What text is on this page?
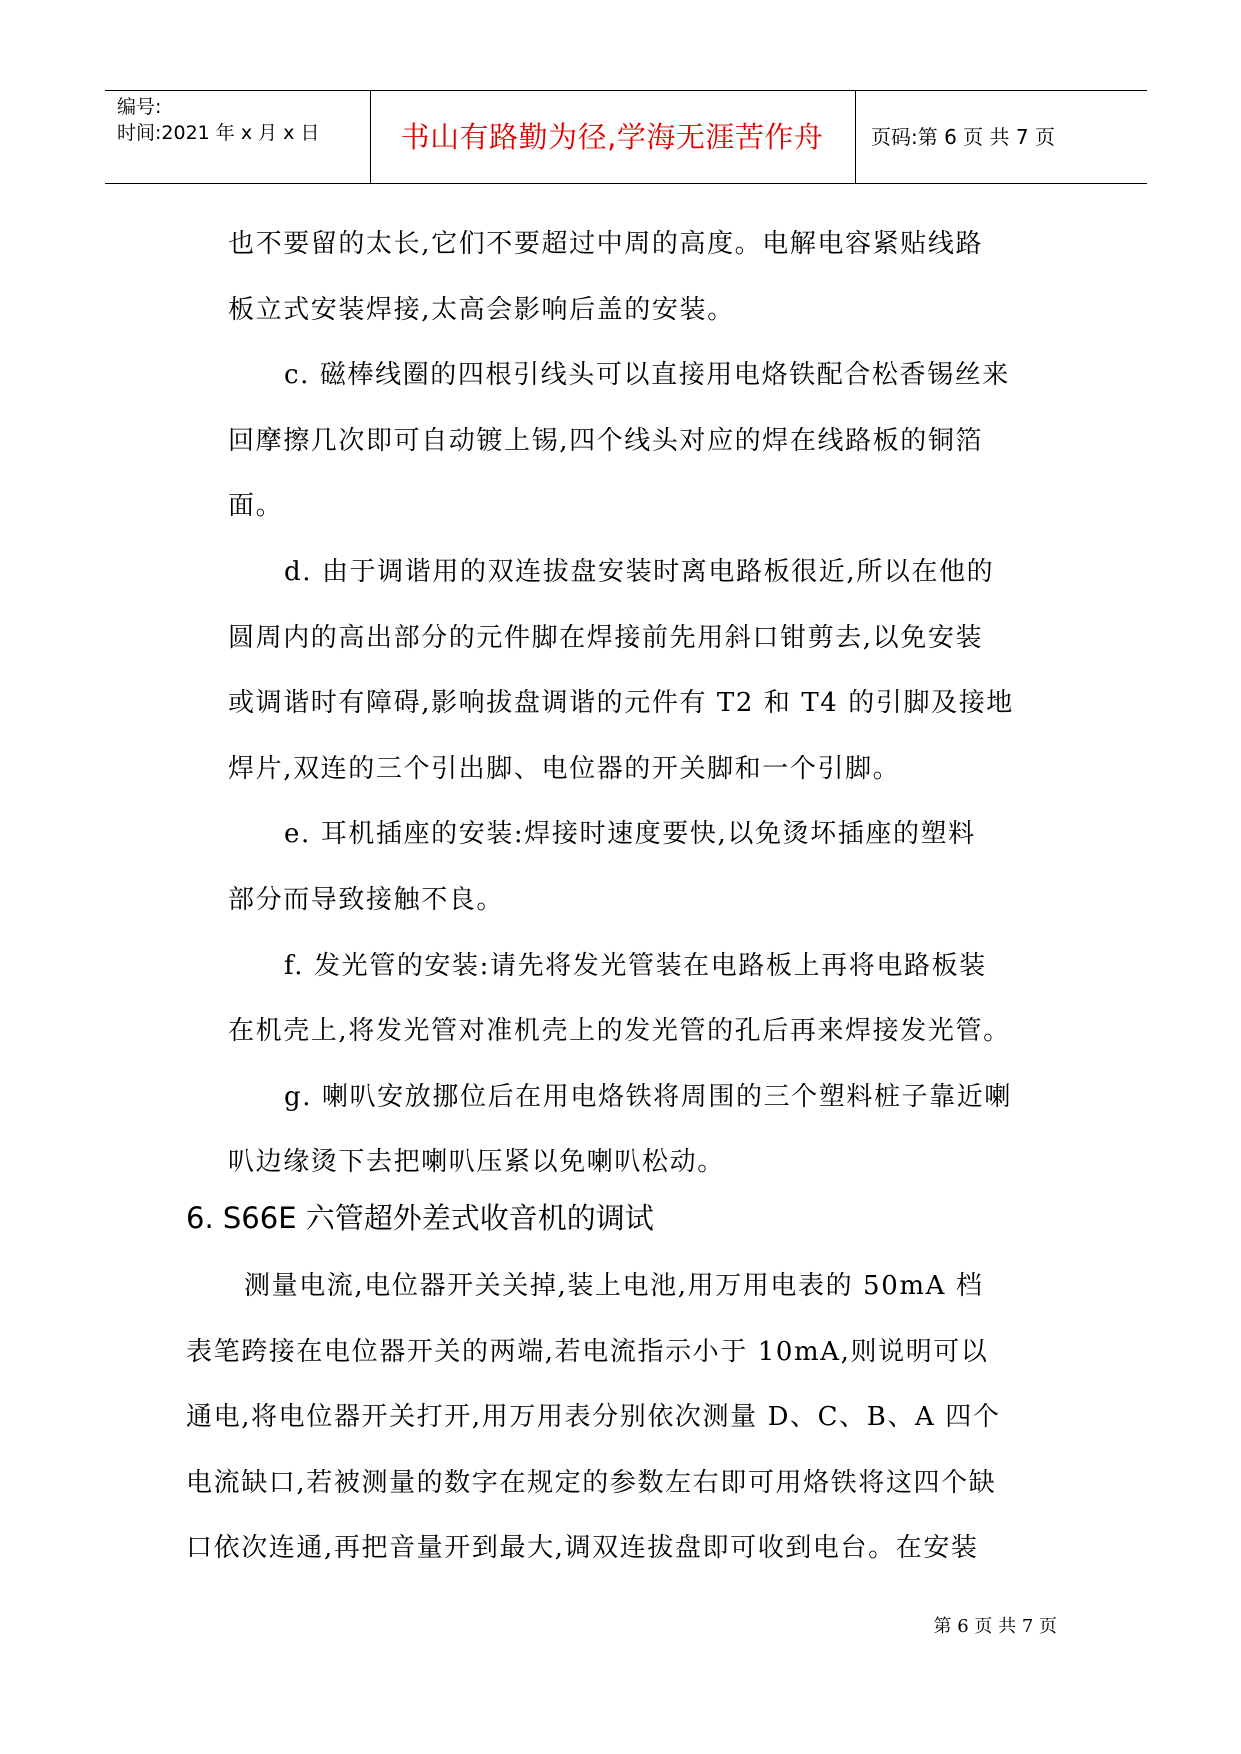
编号:
时间:2021 年 x 月 x 日	书山有路勤为径,学海无涯苦作舟	页码:第 6 页 共 7 页

也不要留的太长,它们不要超过中周的高度。电解电容紧贴线路

板立式安装焊接,太高会影响后盖的安装。

c. 磁棒线圈的四根引线头可以直接用电烙铁配合松香锡丝来

回摩擦几次即可自动镀上锡,四个线头对应的焊在线路板的铜箔

面。

d. 由于调谐用的双连拔盘安装时离电路板很近,所以在他的

圆周内的高出部分的元件脚在焊接前先用斜口钳剪去,以免安装

或调谐时有障碍,影响拔盘调谐的元件有 T2 和 T4 的引脚及接地

焊片,双连的三个引出脚、电位器的开关脚和一个引脚。

e. 耳机插座的安装:焊接时速度要快,以免烫坏插座的塑料

部分而导致接触不良。

f. 发光管的安装:请先将发光管装在电路板上再将电路板装

在机壳上,将发光管对准机壳上的发光管的孔后再来焊接发光管。

g. 喇叭安放挪位后在用电烙铁将周围的三个塑料桩子靠近喇

叭边缘烫下去把喇叭压紧以免喇叭松动。

6. S66E 六管超外差式收音机的调试

测量电流,电位器开关关掉,装上电池,用万用电表的 50mA 档

表笔跨接在电位器开关的两端,若电流指示小于 10mA,则说明可以

通电,将电位器开关打开,用万用表分别依次测量 D、C、B、A 四个

电流缺口,若被测量的数字在规定的参数左右即可用烙铁将这四个缺

口依次连通,再把音量开到最大,调双连拔盘即可收到电台。在安装

第 6 页 共 7 页
